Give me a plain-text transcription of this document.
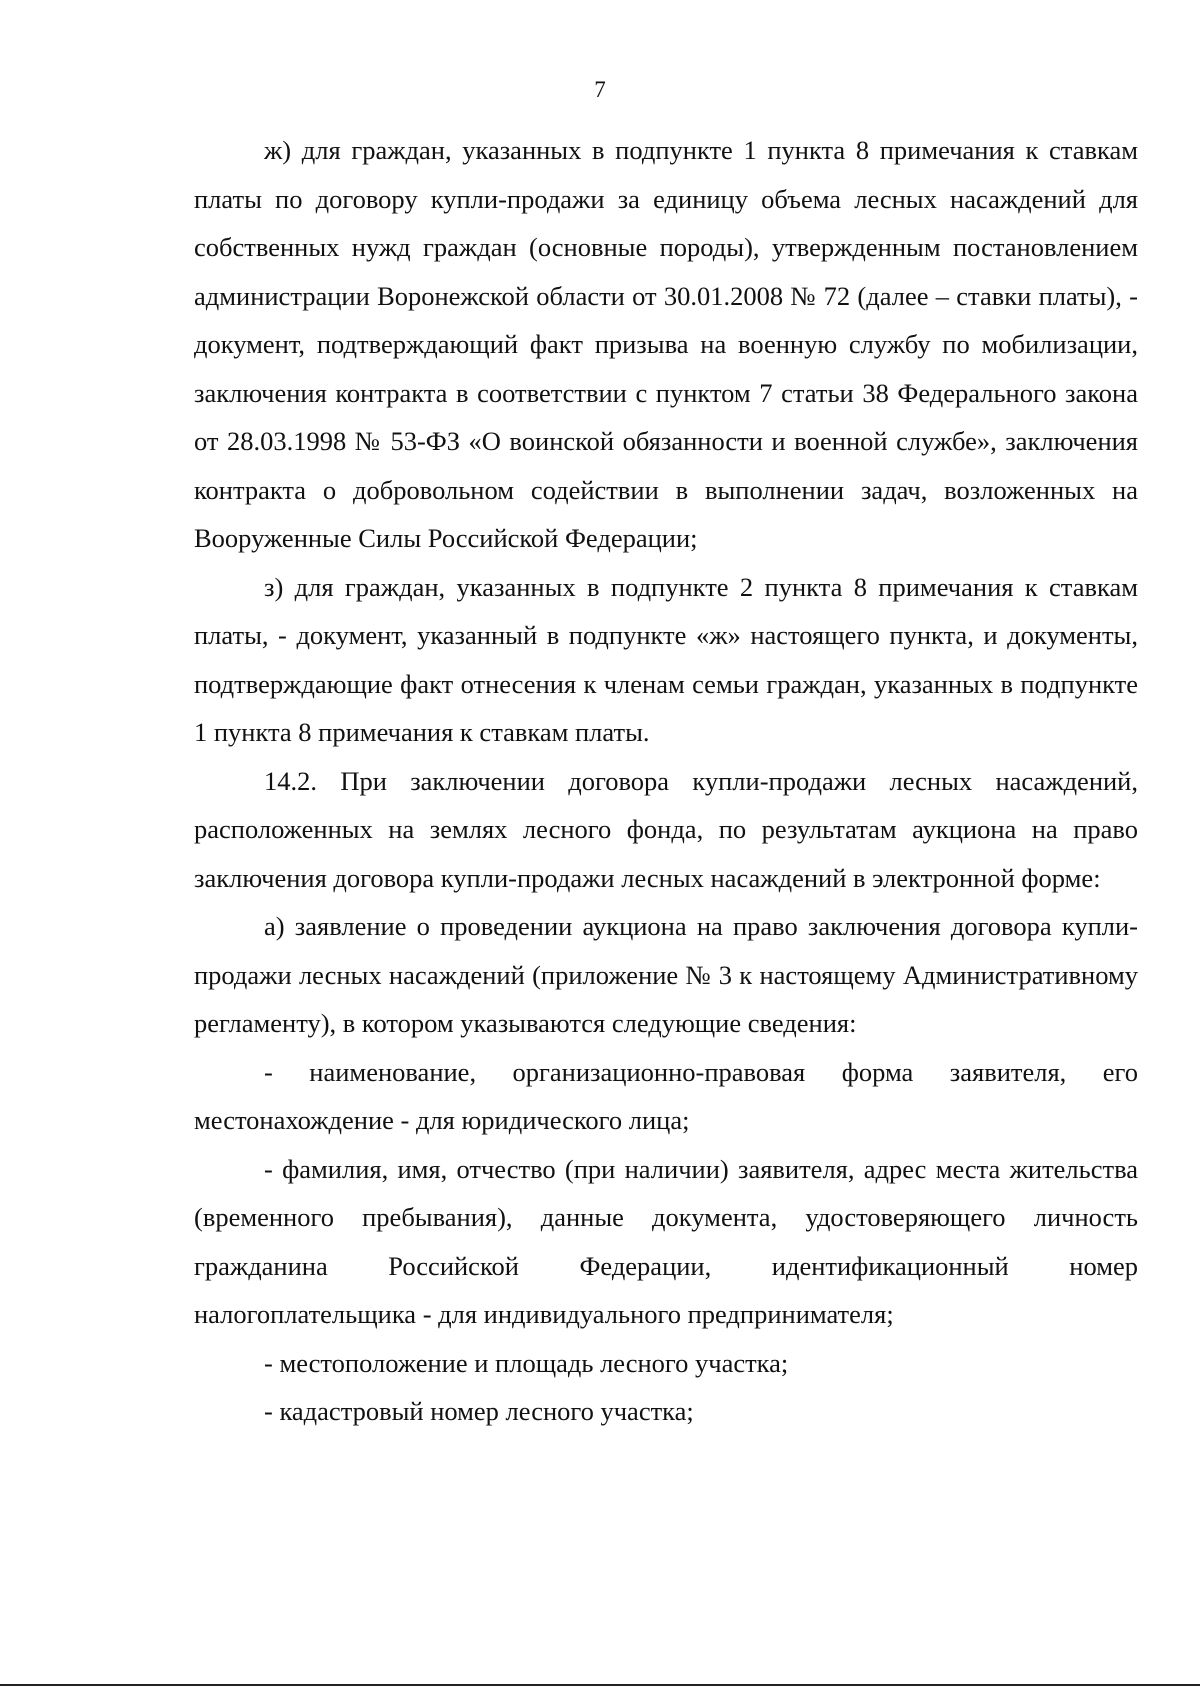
7

ж) для граждан, указанных в подпункте 1 пункта 8 примечания к ставкам платы по договору купли-продажи за единицу объема лесных насаждений для собственных нужд граждан (основные породы), утвержденным постановлением администрации Воронежской области от 30.01.2008 № 72 (далее – ставки платы), - документ, подтверждающий факт призыва на военную службу по мобилизации, заключения контракта в соответствии с пунктом 7 статьи 38 Федерального закона от 28.03.1998 № 53-ФЗ «О воинской обязанности и военной службе», заключения контракта о добровольном содействии в выполнении задач, возложенных на Вооруженные Силы Российской Федерации;

з) для граждан, указанных в подпункте 2 пункта 8 примечания к ставкам платы, - документ, указанный в подпункте «ж» настоящего пункта, и документы, подтверждающие факт отнесения к членам семьи граждан, указанных в подпункте 1 пункта 8 примечания к ставкам платы.

14.2. При заключении договора купли-продажи лесных насаждений, расположенных на землях лесного фонда, по результатам аукциона на право заключения договора купли-продажи лесных насаждений в электронной форме:

а) заявление о проведении аукциона на право заключения договора купли-продажи лесных насаждений (приложение № 3 к настоящему Административному регламенту), в котором указываются следующие сведения:

- наименование, организационно-правовая форма заявителя, его местонахождение - для юридического лица;

- фамилия, имя, отчество (при наличии) заявителя, адрес места жительства (временного пребывания), данные документа, удостоверяющего личность гражданина Российской Федерации, идентификационный номер налогоплательщика - для индивидуального предпринимателя;

- местоположение и площадь лесного участка;

- кадастровый номер лесного участка;
